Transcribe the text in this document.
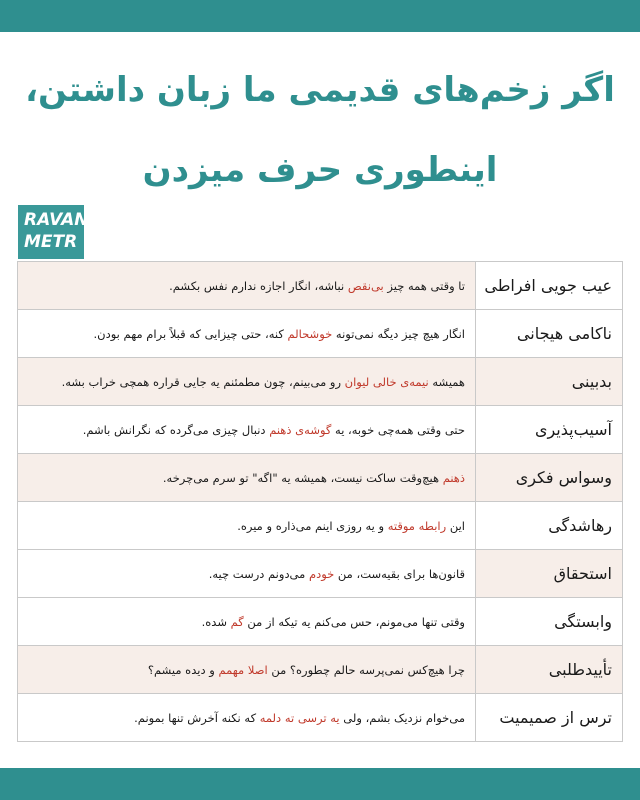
اگر زخم‌های قدیمی ما زبان داشتن،
اینطوری حرف میزدن
RAVAN
METR
عیب جویی افراطی	تا وقتی همه چیز بی‌نقص نباشه، انگار اجازه ندارم نفس بکشم.
ناکامی هیجانی	انگار هیچ چیز دیگه نمی‌تونه خوشحالم کنه، حتی چیزایی که قبلاً برام مهم بودن.
بدبینی	همیشه نیمه‌ی خالی لیوان رو می‌بینم، چون مطمئنم یه جایی قراره همچی خراب بشه.
آسیب‌پذیری	حتی وقتی همه‌چی خوبه، یه گوشه‌ی ذهنم دنبال چیزی می‌گرده که نگرانش باشم.
وسواس فکری	ذهنم هیچ‌وقت ساکت نیست، همیشه یه "اگه" تو سرم می‌چرخه.
رهاشدگی	این رابطه موقته و یه روزی اینم می‌ذاره و میره.
استحقاق	قانون‌ها برای بقیه‌ست، من خودم می‌دونم درست چیه.
وابستگی	وقتی تنها می‌مونم، حس می‌کنم یه تیکه از من گم شده.
تأییدطلبی	چرا هیچ‌کس نمی‌پرسه حالم چطوره؟ من اصلا مهمم و دیده میشم؟
ترس از صمیمیت	می‌خوام نزدیک بشم، ولی یه ترسی ته دلمه که نکنه آخرش تنها بمونم.
